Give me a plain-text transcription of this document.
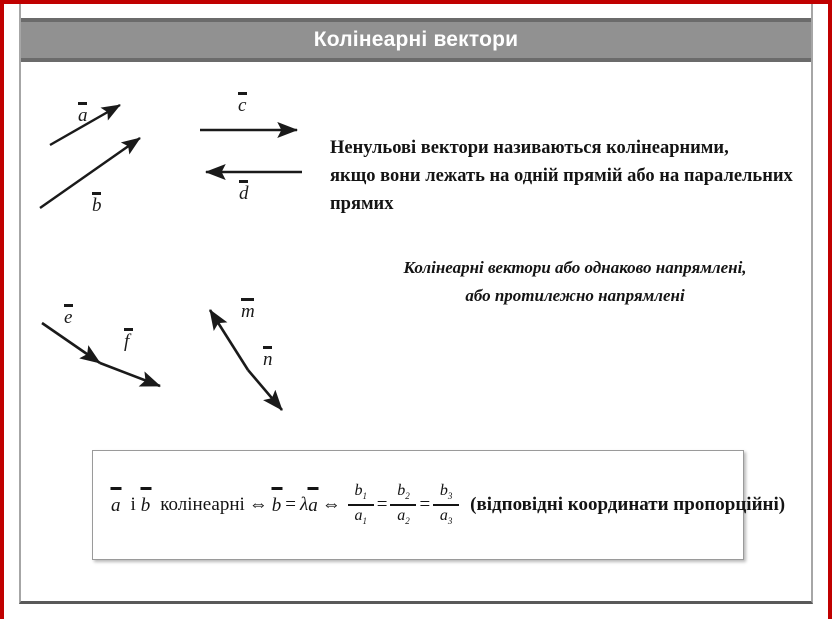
Колінеарні вектори
a
b
c
d
e
f
m
n
Ненульові вектори називаються колінеарними,
якщо вони лежать на одній прямій або на паралельних
прямих
Колінеарні вектори або однаково напрямлені,
або протилежно напрямлені
a і b колінеарні ⇔ b = λ a ⇔ $\frac{b_1}{a_1} = \frac{b_2}{a_2} = \frac{b_3}{a_3}$ (відповідні координати пропорційні)
